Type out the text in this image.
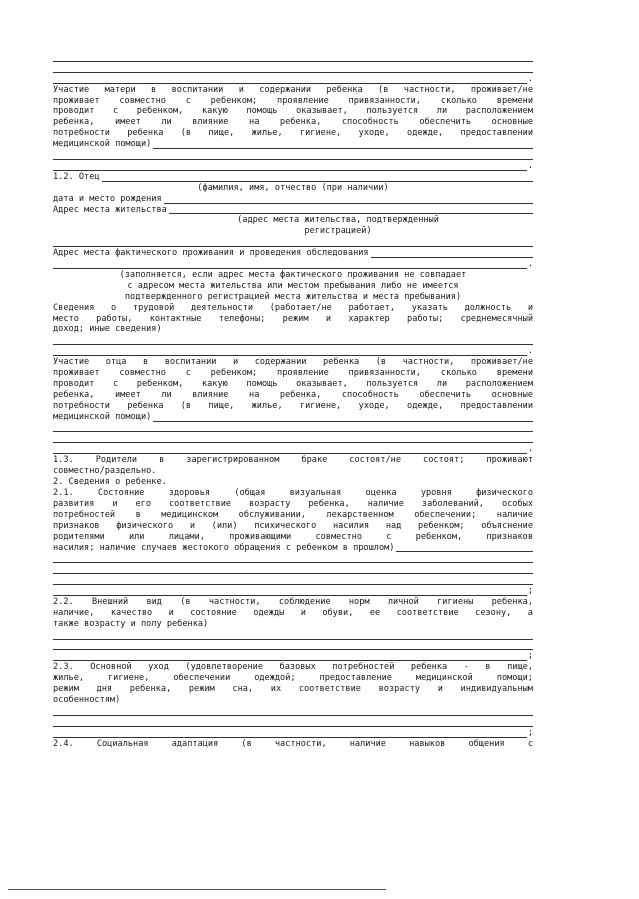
.
Участие матери в воспитании и содержании ребенка (в частности, проживает/не
проживает совместно с ребенком; проявление привязанности, сколько времени
проводит с ребенком, какую помощь оказывает, пользуется ли расположением
ребенка, имеет ли влияние на ребенка, способность обеспечить основные
потребности ребенка (в пище, жилье, гигиене, уходе, одежде, предоставлении
медицинской помощи)
.
1.2. Отец
(фамилия, имя, отчество (при наличии)
дата и место рождения
Адрес места жительства
(адрес места жительства, подтвержденный
регистрацией)
Адрес места фактического проживания и проведения обследования
.
(заполняется, если адрес места фактического проживания не совпадает
с адресом места жительства или местом пребывания либо не имеется
подтвержденного регистрацией места жительства и места пребывания)
Сведения о трудовой деятельности (работает/не работает, указать должность и
место работы, контактные телефоны; режим и характер работы; среднемесячный
доход; иные сведения)
.
Участие отца в воспитании и содержании ребенка (в частности, проживает/не
проживает совместно с ребенком; проявление привязанности, сколько времени
проводит с ребенком, какую помощь оказывает, пользуется ли расположением
ребенка, имеет ли влияние на ребенка, способность обеспечить основные
потребности ребенка (в пище, жилье, гигиене, уходе, одежде, предоставлении
медицинской помощи)
.
1.3. Родители в зарегистрированном браке состоят/не состоят; проживают
совместно/раздельно.
2. Сведения о ребенке.
2.1. Состояние здоровья (общая визуальная оценка уровня физического
развития и его соответствие возрасту ребенка, наличие заболеваний, особых
потребностей в медицинском обслуживании, лекарственном обеспечении; наличие
признаков физического и (или) психического насилия над ребенком; объяснение
родителями или лицами, проживающими совместно с ребенком, признаков
насилия; наличие случаев жестокого обращения с ребенком в прошлом)
;
2.2. Внешний вид (в частности, соблюдение норм личной гигиены ребенка,
наличие, качество и состояние одежды и обуви, ее соответствие сезону, а
также возрасту и полу ребенка)
;
2.3. Основной уход (удовлетворение базовых потребностей ребенка - в пище,
жилье, гигиене, обеспечении одеждой; предоставление медицинской помощи;
режим дня ребенка, режим сна, их соответствие возрасту и индивидуальным
особенностям)
;
2.4. Социальная адаптация (в частности, наличие навыков общения с
